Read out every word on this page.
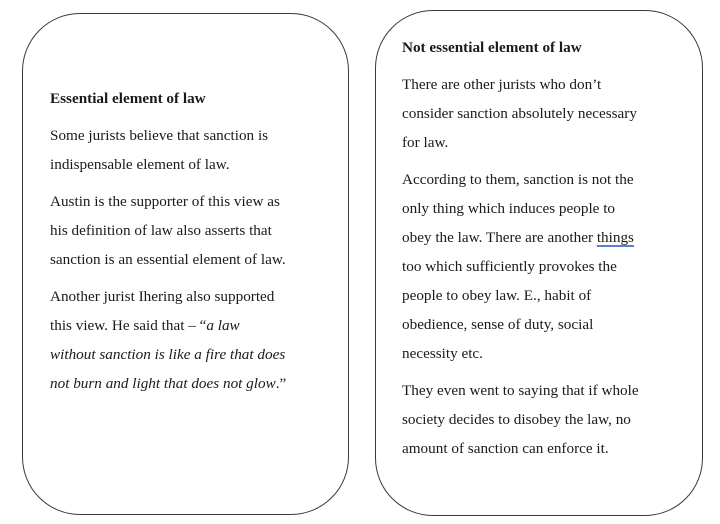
Essential element of law

Some jurists believe that sanction is

indispensable element of law.

Austin is the supporter of this view as

his definition of law also asserts that

sanction is an essential element of law.

Another jurist Ihering also supported

this view. He said that – “a law

without sanction is like a fire that does

not burn and light that does not glow.”

Not essential element of law

There are other jurists who don’t

consider sanction absolutely necessary

for law.

According to them, sanction is not the

only thing which induces people to

obey the law. There are another things

too which sufficiently provokes the

people to obey law. E., habit of

obedience, sense of duty, social

necessity etc.

They even went to saying that if whole

society decides to disobey the law, no

amount of sanction can enforce it.
